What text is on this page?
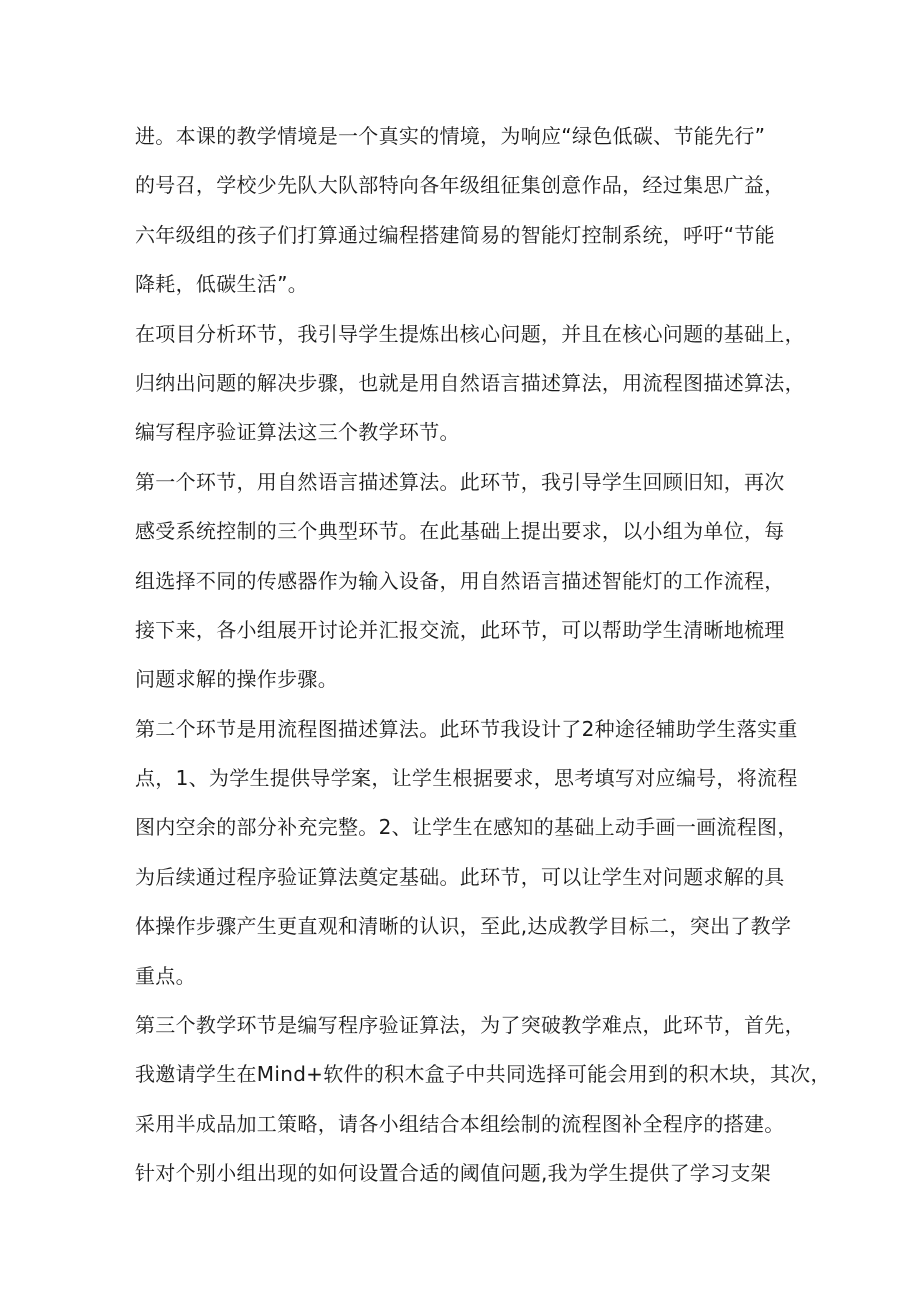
进。本课的教学情境是一个真实的情境，为响应“绿色低碳、节能先行”
的号召，学校少先队大队部特向各年级组征集创意作品，经过集思广益，
六年级组的孩子们打算通过编程搭建简易的智能灯控制系统，呼吁“节能
降耗，低碳生活”。
在项目分析环节，我引导学生提炼出核心问题，并且在核心问题的基础上，
归纳出问题的解决步骤，也就是用自然语言描述算法，用流程图描述算法，
编写程序验证算法这三个教学环节。
第一个环节，用自然语言描述算法。此环节，我引导学生回顾旧知，再次
感受系统控制的三个典型环节。在此基础上提出要求，以小组为单位，每
组选择不同的传感器作为输入设备，用自然语言描述智能灯的工作流程，
接下来，各小组展开讨论并汇报交流，此环节，可以帮助学生清晰地梳理
问题求解的操作步骤。
第二个环节是用流程图描述算法。此环节我设计了2种途径辅助学生落实重
点，1、为学生提供导学案，让学生根据要求，思考填写对应编号，将流程
图内空余的部分补充完整。2、让学生在感知的基础上动手画一画流程图，
为后续通过程序验证算法奠定基础。此环节，可以让学生对问题求解的具
体操作步骤产生更直观和清晰的认识，至此,达成教学目标二，突出了教学
重点。
第三个教学环节是编写程序验证算法，为了突破教学难点，此环节，首先，
我邀请学生在Mind+软件的积木盒子中共同选择可能会用到的积木块，其次，
采用半成品加工策略，请各小组结合本组绘制的流程图补全程序的搭建。
针对个别小组出现的如何设置合适的阈值问题,我为学生提供了学习支架
